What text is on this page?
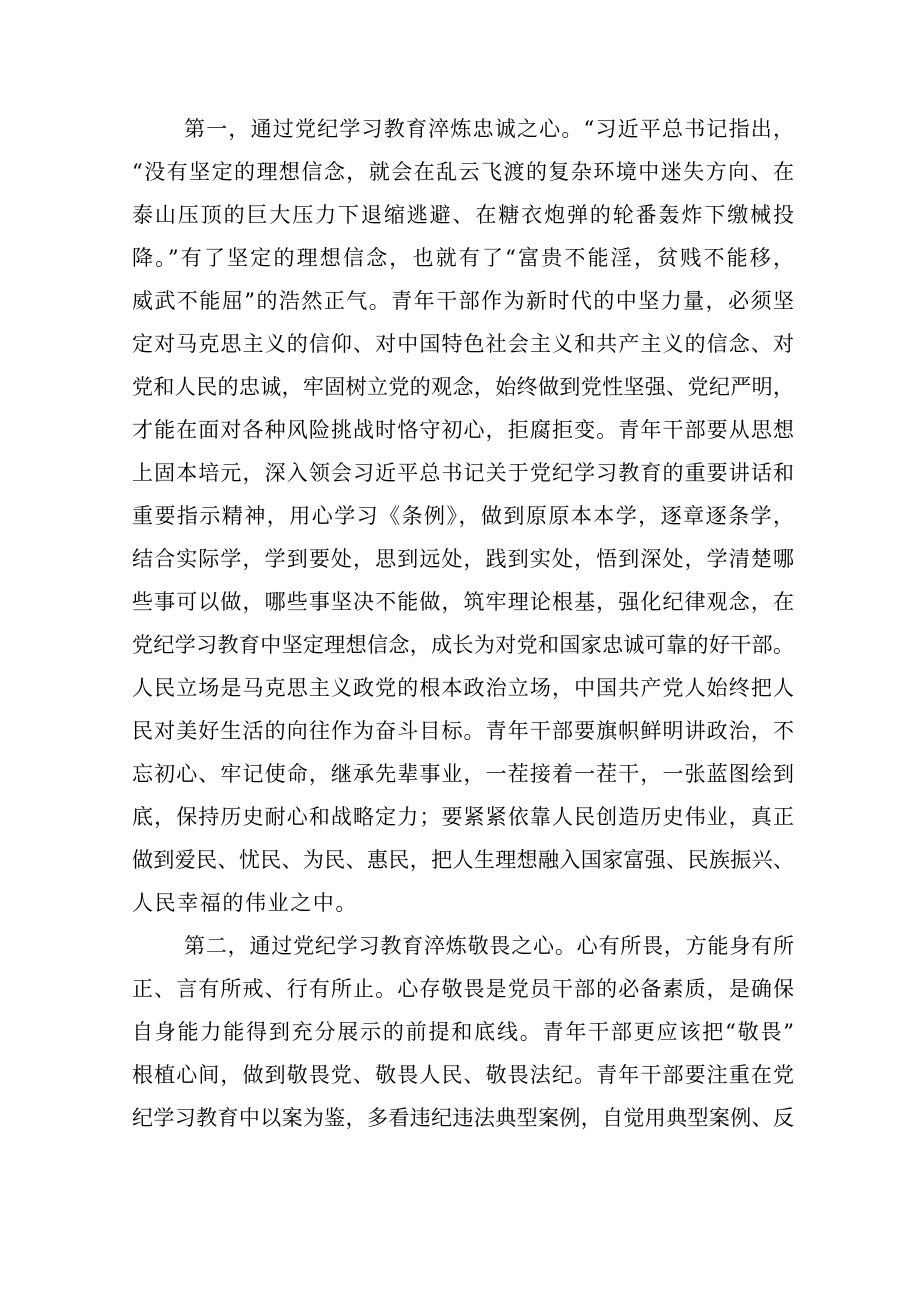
第一，通过党纪学习教育淬炼忠诚之心。“习近平总书记指出，
“没有坚定的理想信念，就会在乱云飞渡的复杂环境中迷失方向、在
泰山压顶的巨大压力下退缩逃避、在糖衣炮弹的轮番轰炸下缴械投
降。”有了坚定的理想信念，也就有了“富贵不能淫，贫贱不能移，
威武不能屈”的浩然正气。青年干部作为新时代的中坚力量，必须坚
定对马克思主义的信仰、对中国特色社会主义和共产主义的信念、对
党和人民的忠诚，牢固树立党的观念，始终做到党性坚强、党纪严明，
才能在面对各种风险挑战时恪守初心，拒腐拒变。青年干部要从思想
上固本培元，深入领会习近平总书记关于党纪学习教育的重要讲话和
重要指示精神，用心学习《条例》，做到原原本本学，逐章逐条学，
结合实际学，学到要处，思到远处，践到实处，悟到深处，学清楚哪
些事可以做，哪些事坚决不能做，筑牢理论根基，强化纪律观念，在
党纪学习教育中坚定理想信念，成长为对党和国家忠诚可靠的好干部。
人民立场是马克思主义政党的根本政治立场，中国共产党人始终把人
民对美好生活的向往作为奋斗目标。青年干部要旗帜鲜明讲政治，不
忘初心、牢记使命，继承先辈事业，一茬接着一茬干，一张蓝图绘到
底，保持历史耐心和战略定力；要紧紧依靠人民创造历史伟业，真正
做到爱民、忧民、为民、惠民，把人生理想融入国家富强、民族振兴、
人民幸福的伟业之中。
第二，通过党纪学习教育淬炼敬畏之心。心有所畏，方能身有所
正、言有所戒、行有所止。心存敬畏是党员干部的必备素质，是确保
自身能力能得到充分展示的前提和底线。青年干部更应该把“敬畏”
根植心间，做到敬畏党、敬畏人民、敬畏法纪。青年干部要注重在党
纪学习教育中以案为鉴，多看违纪违法典型案例，自觉用典型案例、反
